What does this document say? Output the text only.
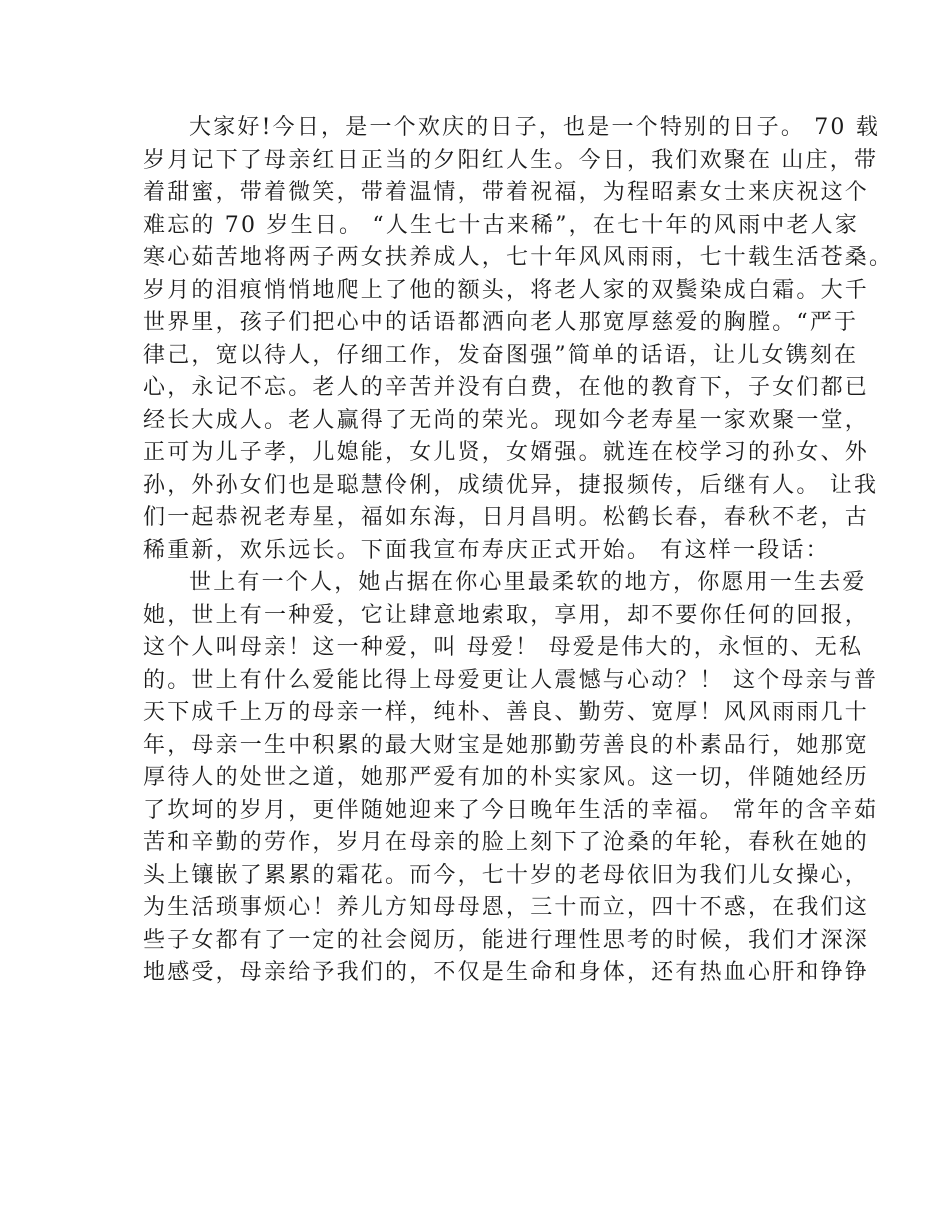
大家好!今日，是一个欢庆的日子，也是一个特别的日子。 70 载
岁月记下了母亲红日正当的夕阳红人生。今日，我们欢聚在 山庄，带
着甜蜜，带着微笑，带着温情，带着祝福，为程昭素女士来庆祝这个
难忘的 70 岁生日。 “人生七十古来稀”，在七十年的风雨中老人家
寒心茹苦地将两子两女扶养成人，七十年风风雨雨，七十载生活苍桑。
岁月的泪痕悄悄地爬上了他的额头，将老人家的双鬓染成白霜。大千
世界里，孩子们把心中的话语都洒向老人那宽厚慈爱的胸膛。“严于
律己，宽以待人，仔细工作，发奋图强”简单的话语，让儿女镌刻在
心，永记不忘。老人的辛苦并没有白费，在他的教育下，子女们都已
经长大成人。老人赢得了无尚的荣光。现如今老寿星一家欢聚一堂，
正可为儿子孝，儿媳能，女儿贤，女婿强。就连在校学习的孙女、外
孙，外孙女们也是聪慧伶俐，成绩优异，捷报频传，后继有人。 让我
们一起恭祝老寿星，福如东海，日月昌明。松鹤长春，春秋不老，古
稀重新，欢乐远长。下面我宣布寿庆正式开始。 有这样一段话：
世上有一个人，她占据在你心里最柔软的地方，你愿用一生去爱
她，世上有一种爱，它让肆意地索取，享用，却不要你任何的回报，
这个人叫母亲！这一种爱，叫 母爱！ 母爱是伟大的，永恒的、无私
的。世上有什么爱能比得上母爱更让人震憾与心动？！ 这个母亲与普
天下成千上万的母亲一样，纯朴、善良、勤劳、宽厚！风风雨雨几十
年，母亲一生中积累的最大财宝是她那勤劳善良的朴素品行，她那宽
厚待人的处世之道，她那严爱有加的朴实家风。这一切，伴随她经历
了坎坷的岁月，更伴随她迎来了今日晚年生活的幸福。 常年的含辛茹
苦和辛勤的劳作，岁月在母亲的脸上刻下了沧桑的年轮，春秋在她的
头上镶嵌了累累的霜花。而今，七十岁的老母依旧为我们儿女操心，
为生活琐事烦心！养儿方知母母恩，三十而立，四十不惑，在我们这
些子女都有了一定的社会阅历，能进行理性思考的时候，我们才深深
地感受，母亲给予我们的，不仅是生命和身体，还有热血心肝和铮铮
